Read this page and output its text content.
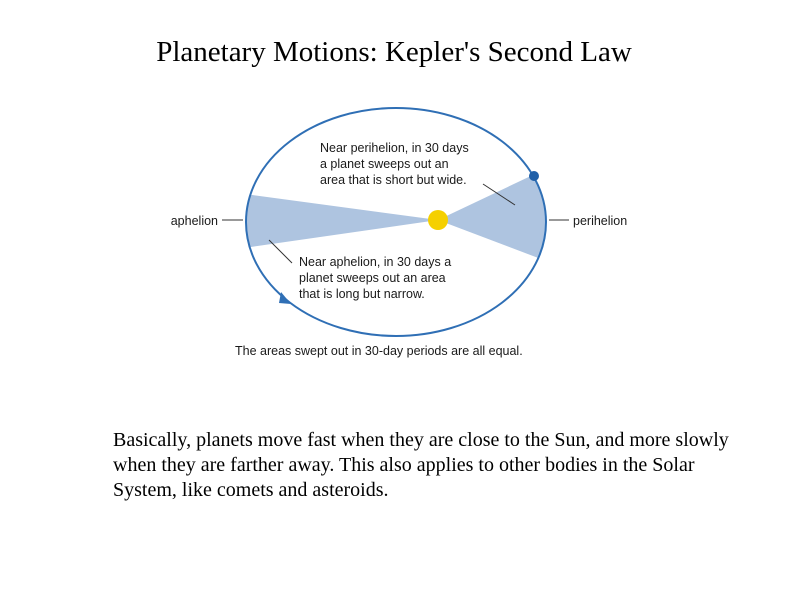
Planetary Motions: Kepler's Second Law
aphelion	perihelion
Near perihelion, in 30 days
a planet sweeps out an
area that is short but wide.
Near aphelion, in 30 days a
planet sweeps out an area
that is long but narrow.
The areas swept out in 30-day periods are all equal.
Basically, planets move fast when they are close to the Sun, and more slowly when they are farther away. This also applies to other bodies in the Solar System, like comets and asteroids.
